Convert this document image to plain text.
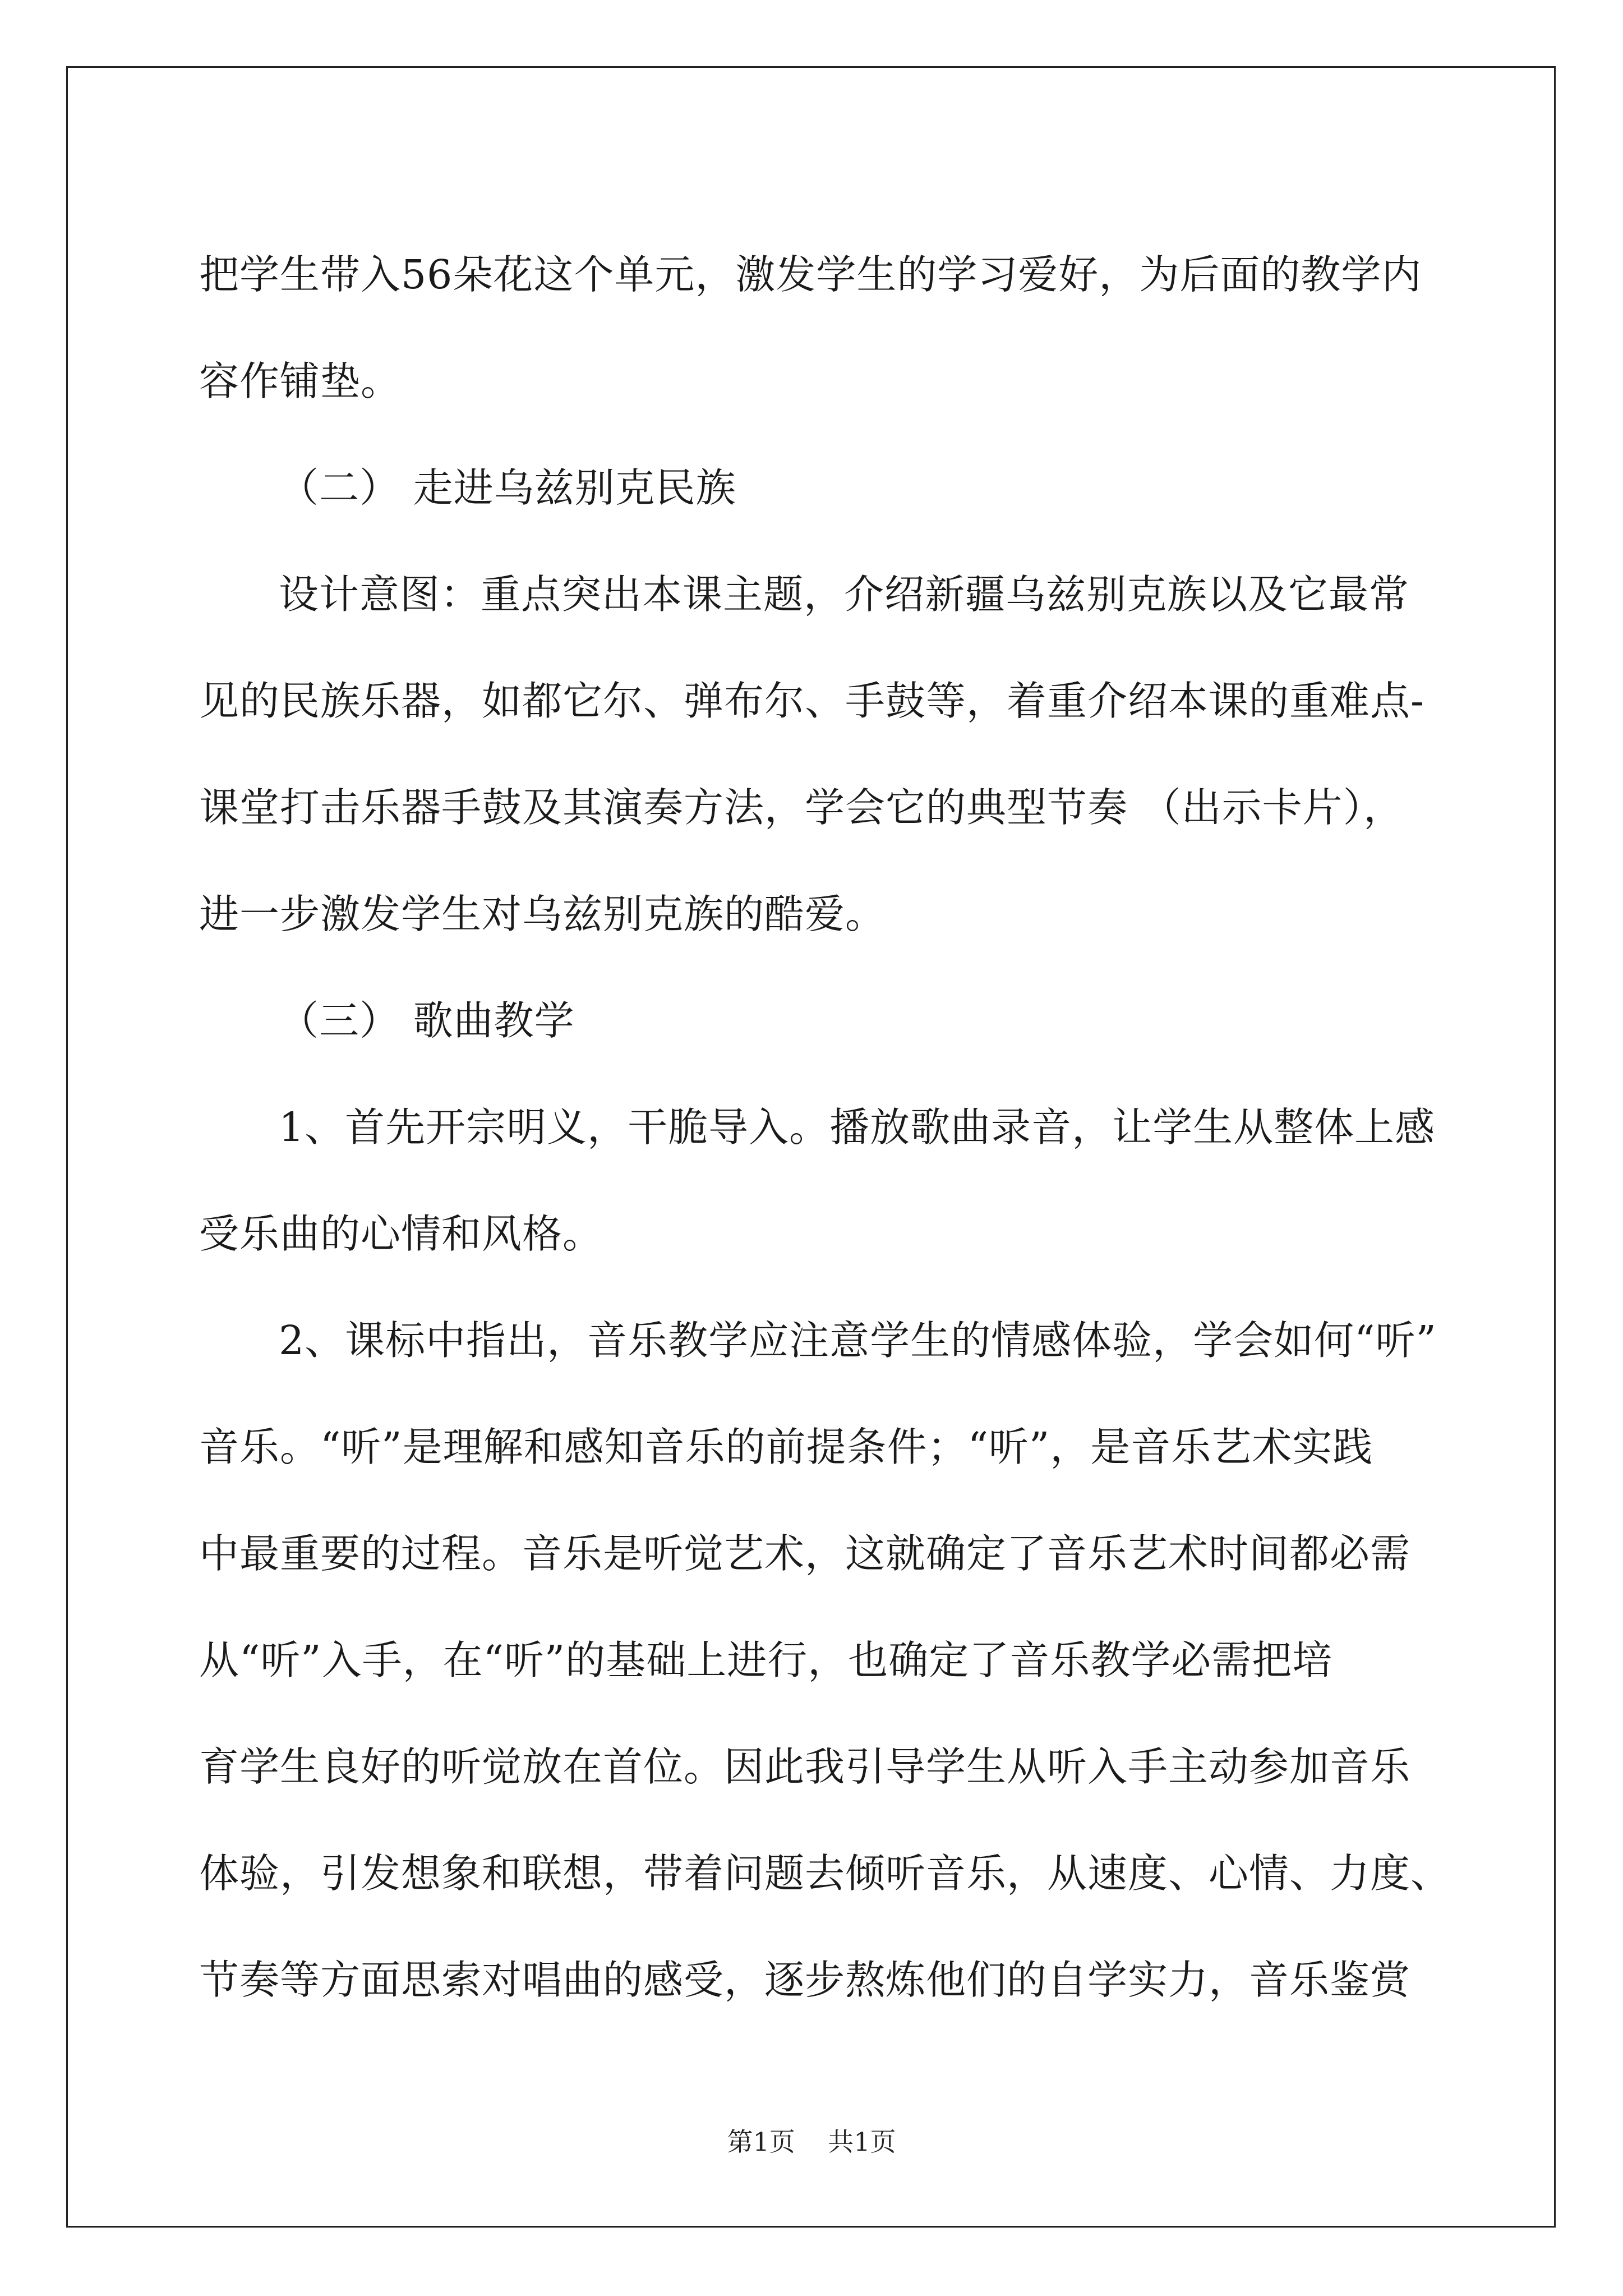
把学生带入56朵花这个单元，激发学生的学习爱好，为后面的教学内
容作铺垫。
（二） 走进乌兹别克民族
设计意图：重点突出本课主题，介绍新疆乌兹别克族以及它最常
见的民族乐器，如都它尔、弹布尔、手鼓等，着重介绍本课的重难点-
课堂打击乐器手鼓及其演奏方法，学会它的典型节奏 （出示卡片），
进一步激发学生对乌兹别克族的酷爱。
（三） 歌曲教学
1、首先开宗明义，干脆导入。播放歌曲录音，让学生从整体上感
受乐曲的心情和风格。
2、课标中指出，音乐教学应注意学生的情感体验，学会如何“听”
音乐。“听”是理解和感知音乐的前提条件；“听”，是音乐艺术实践
中最重要的过程。音乐是听觉艺术，这就确定了音乐艺术时间都必需
从“听”入手，在“听”的基础上进行，也确定了音乐教学必需把培
育学生良好的听觉放在首位。因此我引导学生从听入手主动参加音乐
体验，引发想象和联想，带着问题去倾听音乐，从速度、心情、力度、
节奏等方面思索对唱曲的感受，逐步熬炼他们的自学实力，音乐鉴赏
第1页 共1页
